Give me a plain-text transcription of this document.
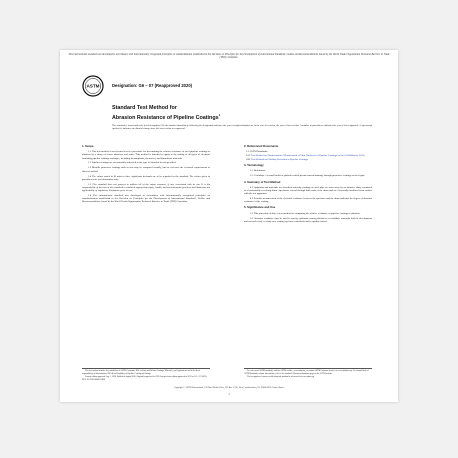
This international standard was developed in accordance with internationally recognized principles on standardization established in the Decision on Principles for the Development of International Standards, Guides and Recommendations issued by the World Trade Organization Technical Barriers to Trade (TBT) Committee.
ASTM	Designation: G6 – 07 (Reapproved 2020)
Standard Test Method for
Abrasion Resistance of Pipeline Coatings$^1$
This standard is issued under the fixed designation G6; the number immediately following the designation indicates the year of original adoption or, in the case of revision, the year of last revision. A number in parentheses indicates the year of last reapproval. A superscript epsilon (ε) indicates an editorial change since the last revision or reapproval.
1. Scope

1.1 This test method of accelerated test is a procedure for determining the relative resistance of steel pipeline coatings to abrasion by a slurry of coarse abrasives and water. This method is intended to apply to the testing of all types of electrical insulating pipeline coatings and tapes, including thermoplastic, thermoset, and bituminous materials.

1.2 Pipeline coatings are not normally subjected to the type of abrasion herein specified.

1.3 Metallic protective coatings such as zinc may be compared visually, but are not meet the electrical requirements of this test method.

1.4 The values stated in SI units to three significant decimals are to be regarded as the standard. The values given in parentheses are for information only.

1.5 This standard does not purport to address all of the safety concerns, if any, associated with its use. It is the responsibility of the user of this standard to establish appropriate safety, health, and environmental practices and determine the applicability of regulatory limitations prior to use.

1.6 This international standard was developed in accordance with internationally recognized principles on standardization established in the Decision on Principles for the Development of International Standards, Guides and Recommendations issued by the World Trade Organization Technical Barriers to Trade (TBT) Committee.

2. Referenced Documents
2.1 ASTM Standards:
G12 Test Method for Nondestructive Measurement of Film Thickness of Pipeline Coatings on Steel (Withdrawn 2013)
G62 Test Methods for Holiday Detection in Pipeline Coatings
3. Terminology

3.1 Definitions:

3.1.1 holidays—in small faults or pinholes which permit current drainage through protective coatings on steel pipe.

4. Summary of Test Method

4.1 Apparatus and materials are described whereby coatings on steel pipe are worn away by an abrasive slurry contained in a horizontally revolving drum. Specimens extend through both ends of the drum and are electrically insulated from contact with the test apparatus.

4.2 Periodic measurement of the electrical resistance between the specimen and the drum indicates the degree of abrasion resistance of the coating.

5. Significance and Use

5.1 This procedure defines a test method for comparing the relative resistance of pipeline coatings to abrasion.

5.2 Abrasion resistance may be used to specify optimum coating thickness of candidate materials both in development and research work, to study new coating systems or methods and in quality control.

This test method is under the jurisdiction of ASTM Committee D01 on Paint and Related Coatings, Materials, and Applications and is the direct responsibility of Subcommittee D01.48 on Durability of Pipeline Coating and Linings.

Current edition approved Aug. 1, 2020. Published August 2020. Originally approved in 1969. Last previous edition approved in 2013 as G6 – 07 (2013). DOI: 10.1520/G0006-07R20.

For referenced ASTM standards, visit the ASTM website, www.astm.org, or contact ASTM Customer Service at service@astm.org. For Annual Book of ASTM Standards volume information, refer to the standard's Document Summary page on the ASTM website.

The last approved version of this historical standard is referenced on www.astm.org.

Copyright © ASTM International, 100 Barr Harbor Drive, PO Box C700, West Conshohocken, PA 19428-2959. United States
1
